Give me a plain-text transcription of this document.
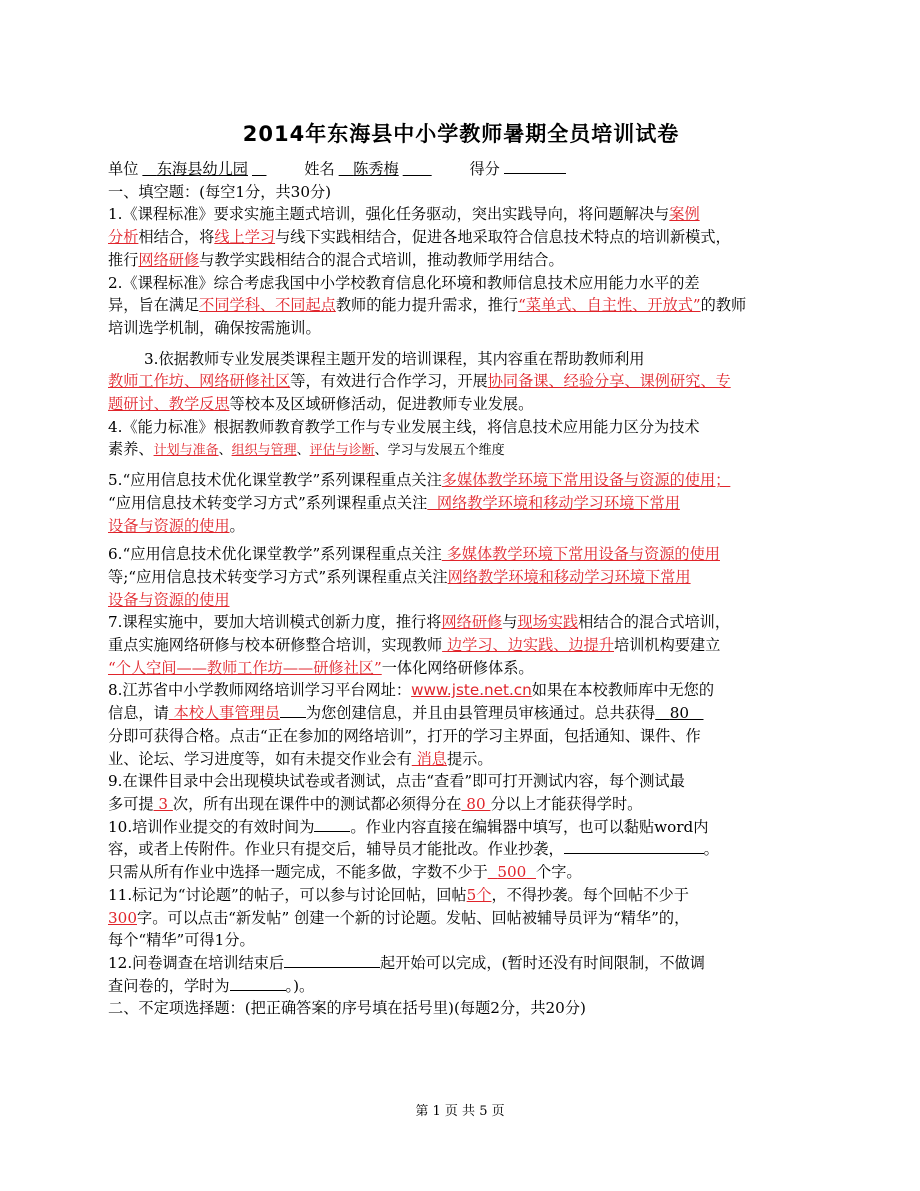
2014年东海县中小学教师暑期全员培训试卷

单位 东海县幼儿园	姓名 陈秀梅	得分

一、填空题：(每空1分，共30分)

1.《课程标准》要求实施主题式培训，强化任务驱动，突出实践导向，将问题解决与案例

分析相结合，将线上学习与线下实践相结合，促进各地采取符合信息技术特点的培训新模式，

推行网络研修与教学实践相结合的混合式培训，推动教师学用结合。

2.《课程标准》综合考虑我国中小学校教育信息化环境和教师信息技术应用能力水平的差

异，旨在满足不同学科、不同起点教师的能力提升需求，推行“菜单式、自主性、开放式”的教师

培训选学机制，确保按需施训。

3.依据教师专业发展类课程主题开发的培训课程，其内容重在帮助教师利用

教师工作坊、网络研修社区等，有效进行合作学习，开展协同备课、经验分享、课例研究、专

题研讨、教学反思等校本及区域研修活动，促进教师专业发展。

4.《能力标准》根据教师教育教学工作与专业发展主线，将信息技术应用能力区分为技术

素养、计划与准备、组织与管理、评估与诊断、学习与发展五个维度

5.“应用信息技术优化课堂教学”系列课程重点关注多媒体教学环境下常用设备与资源的使用；

“应用信息技术转变学习方式”系列课程重点关注  网络教学环境和移动学习环境下常用

设备与资源的使用。

6.“应用信息技术优化课堂教学”系列课程重点关注 多媒体教学环境下常用设备与资源的使用

等;“应用信息技术转变学习方式”系列课程重点关注网络教学环境和移动学习环境下常用

设备与资源的使用

7.课程实施中，要加大培训模式创新力度，推行将网络研修与现场实践相结合的混合式培训，

重点实施网络研修与校本研修整合培训，实现教师 边学习、边实践、边提升培训机构要建立

“个人空间——教师工作坊——研修社区”一体化网络研修体系。

8.江苏省中小学教师网络培训学习平台网址：www.jste.net.cn如果在本校教师库中无您的

信息，请 本校人事管理员 为您创建信息，并且由县管理员审核通过。总共获得 80

分即可获得合格。点击“正在参加的网络培训”，打开的学习主界面，包括通知、课件、作

业、论坛、学习进度等，如有未提交作业会有 消息提示。

9.在课件目录中会出现模块试卷或者测试，点击“查看”即可打开测试内容，每个测试最

多可提 3 次，所有出现在课件中的测试都必须得分在 80 分以上才能获得学时。

10.培训作业提交的有效时间为 。作业内容直接在编辑器中填写，也可以黏贴word内

容，或者上传附件。作业只有提交后，辅导员才能批改。作业抄袭，	。

只需从所有作业中选择一题完成，不能多做，字数不少于 500 个字。

11.标记为“讨论题”的帖子，可以参与讨论回帖，回帖5个，不得抄袭。每个回帖不少于

300字。可以点击“新发帖” 创建一个新的讨论题。发帖、回帖被辅导员评为“精华”的，

每个“精华”可得1分。

12.问卷调查在培训结束后	起开始可以完成，(暂时还没有时间限制，不做调

查问卷的，学时为	。)。

二、不定项选择题：(把正确答案的序号填在括号里)(每题2分，共20分)

第 1 页 共 5 页
